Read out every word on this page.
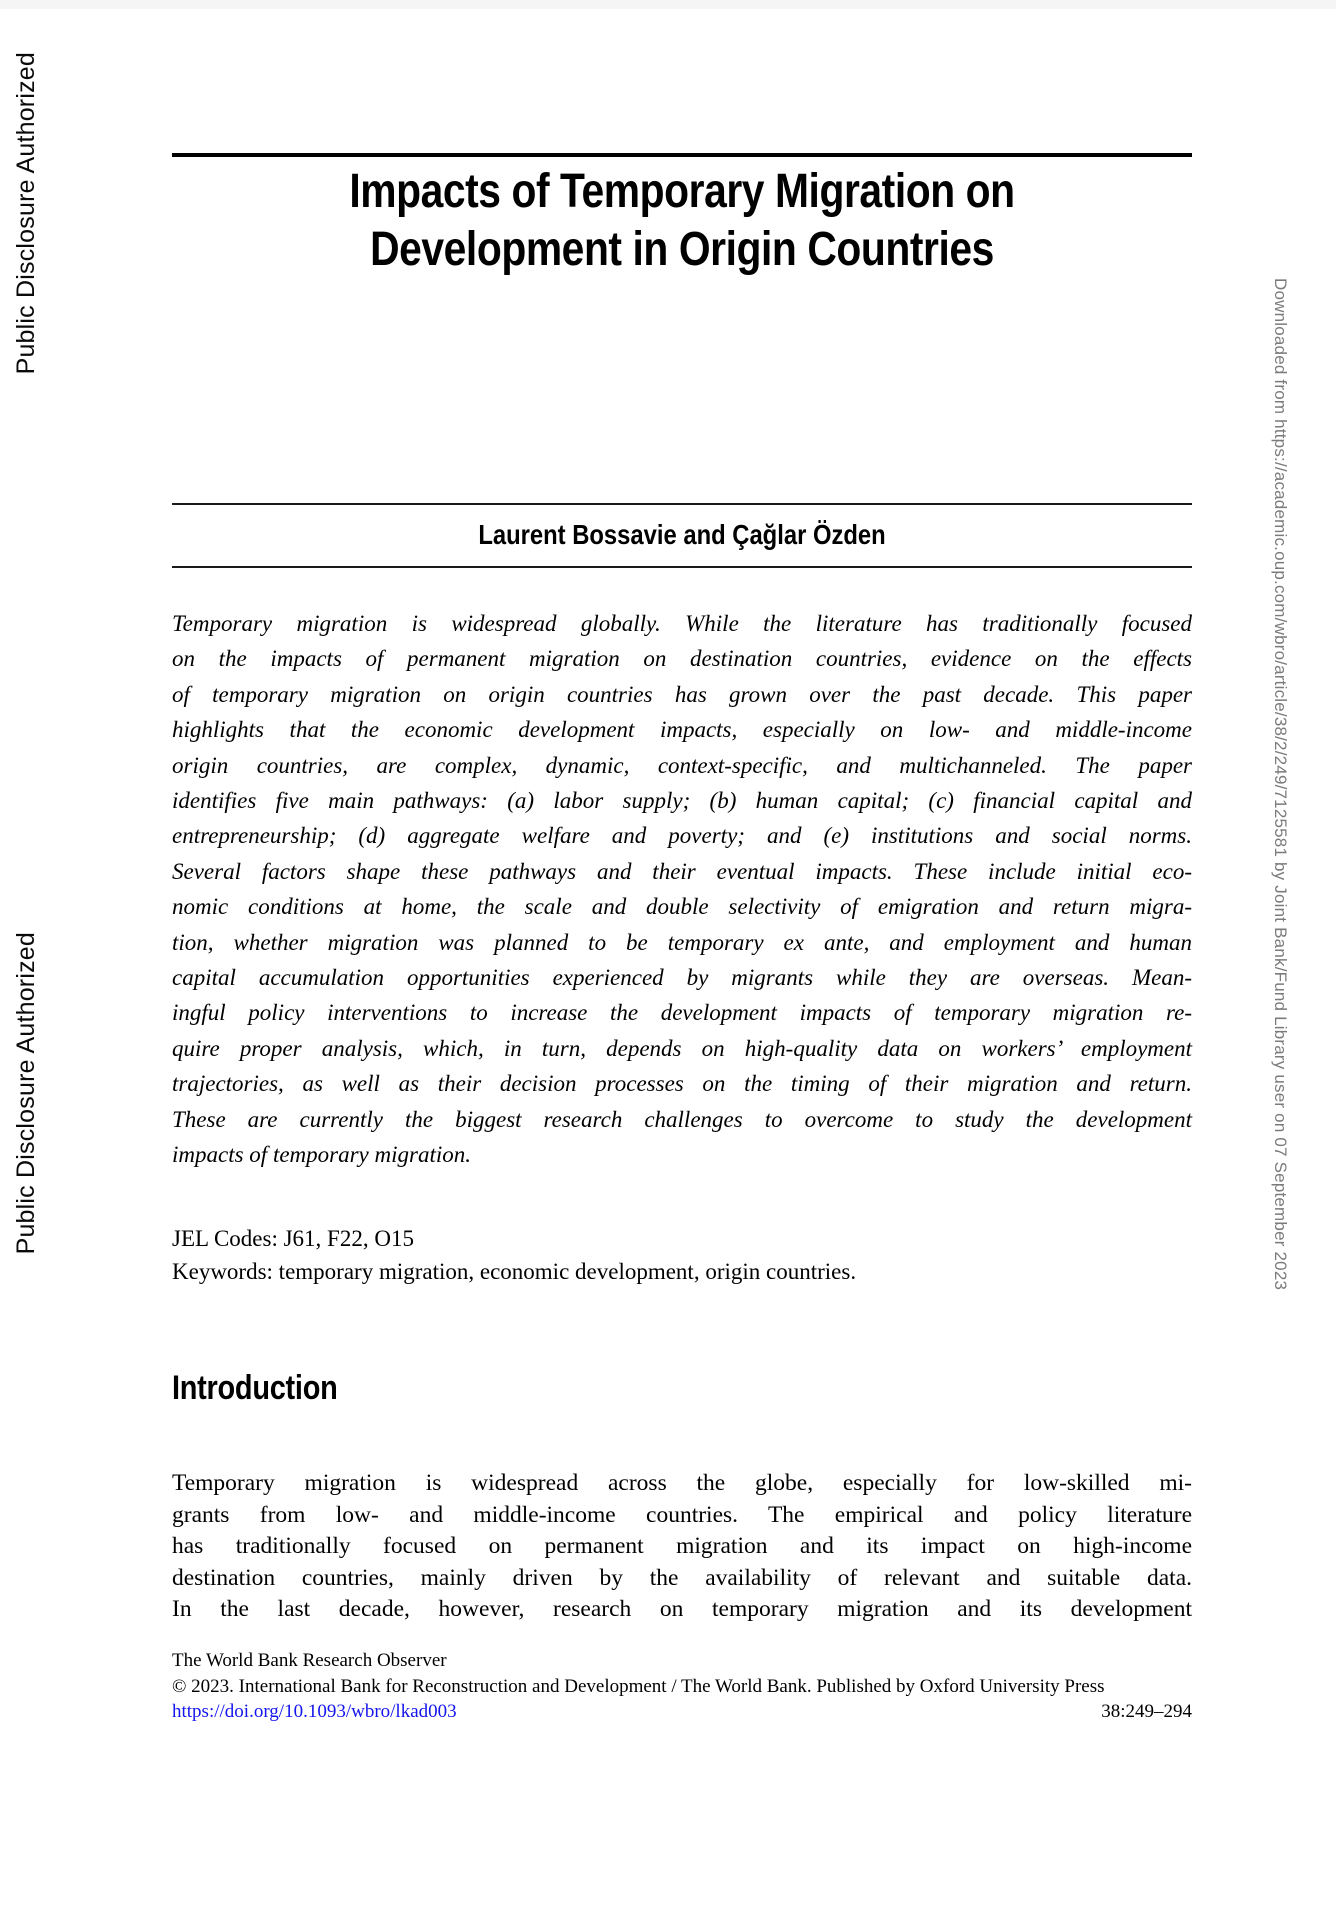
Public Disclosure Authorized
Public Disclosure Authorized	Downloaded from https://academic.oup.com/wbro/article/38/2/249/7125581 by Joint Bank/Fund Library user on 07 September 2023
Impacts of Temporary Migration on
Development in Origin Countries
Laurent Bossavie and Çağlar Özden
Temporary migration is widespread globally. While the literature has traditionally focused
on the impacts of permanent migration on destination countries, evidence on the effects
of temporary migration on origin countries has grown over the past decade. This paper
highlights that the economic development impacts, especially on low- and middle-income
origin countries, are complex, dynamic, context-specific, and multichanneled. The paper
identifies five main pathways: (a) labor supply; (b) human capital; (c) financial capital and
entrepreneurship; (d) aggregate welfare and poverty; and (e) institutions and social norms.
Several factors shape these pathways and their eventual impacts. These include initial eco-
nomic conditions at home, the scale and double selectivity of emigration and return migra-
tion, whether migration was planned to be temporary ex ante, and employment and human
capital accumulation opportunities experienced by migrants while they are overseas. Mean-
ingful policy interventions to increase the development impacts of temporary migration re-
quire proper analysis, which, in turn, depends on high-quality data on workers’ employment
trajectories, as well as their decision processes on the timing of their migration and return.
These are currently the biggest research challenges to overcome to study the development
impacts of temporary migration.
JEL Codes: J61, F22, O15
Keywords: temporary migration, economic development, origin countries.
Introduction
Temporary migration is widespread across the globe, especially for low-skilled mi-
grants from low- and middle-income countries. The empirical and policy literature
has traditionally focused on permanent migration and its impact on high-income
destination countries, mainly driven by the availability of relevant and suitable data.
In the last decade, however, research on temporary migration and its development
The World Bank Research Observer
© 2023. International Bank for Reconstruction and Development / The World Bank. Published by Oxford University Press
https://doi.org/10.1093/wbro/lkad003	38:249–294
